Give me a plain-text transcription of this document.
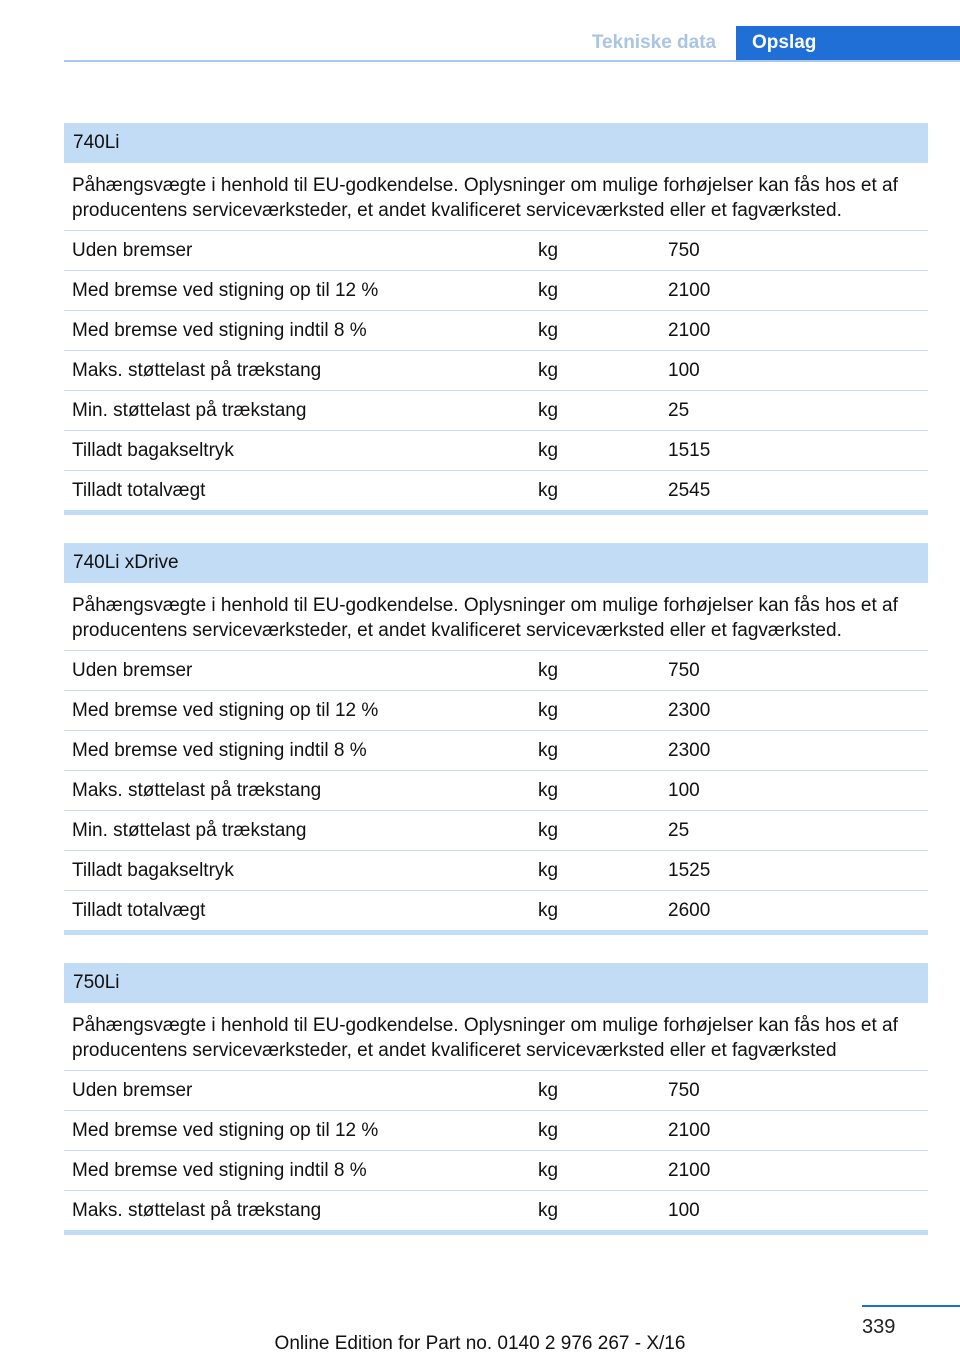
Tekniske data	Opslag
740Li
Påhængsvægte i henhold til EU-godkendelse. Oplysninger om mulige forhøjelser kan fås hos et af producentens serviceværksteder, et andet kvalificeret serviceværksted eller et fagværksted.
Uden bremser	kg	750
Med bremse ved stigning op til 12 %	kg	2100
Med bremse ved stigning indtil 8 %	kg	2100
Maks. støttelast på trækstang	kg	100
Min. støttelast på trækstang	kg	25
Tilladt bagakseltryk	kg	1515
Tilladt totalvægt	kg	2545
740Li xDrive
Påhængsvægte i henhold til EU-godkendelse. Oplysninger om mulige forhøjelser kan fås hos et af producentens serviceværksteder, et andet kvalificeret serviceværksted eller et fagværksted.
Uden bremser	kg	750
Med bremse ved stigning op til 12 %	kg	2300
Med bremse ved stigning indtil 8 %	kg	2300
Maks. støttelast på trækstang	kg	100
Min. støttelast på trækstang	kg	25
Tilladt bagakseltryk	kg	1525
Tilladt totalvægt	kg	2600
750Li
Påhængsvægte i henhold til EU-godkendelse. Oplysninger om mulige forhøjelser kan fås hos et af producentens serviceværksteder, et andet kvalificeret serviceværksted eller et fagværksted
Uden bremser	kg	750
Med bremse ved stigning op til 12 %	kg	2100
Med bremse ved stigning indtil 8 %	kg	2100
Maks. støttelast på trækstang	kg	100
339
Online Edition for Part no. 0140 2 976 267 - X/16
